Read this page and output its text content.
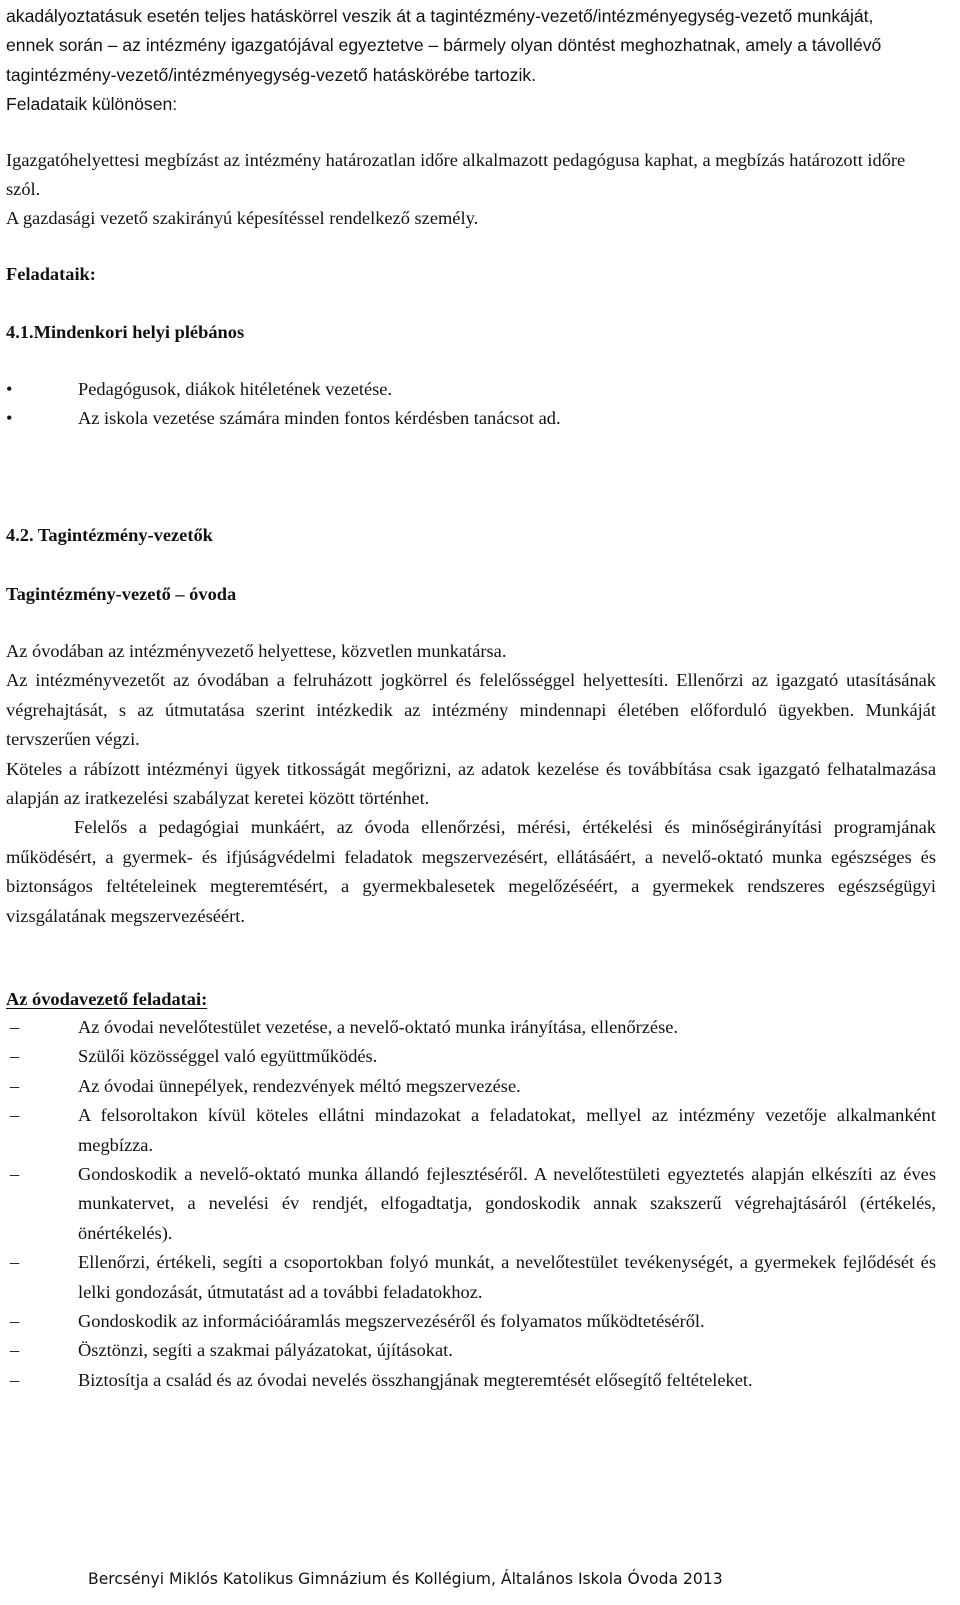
akadályoztatásuk esetén teljes hatáskörrel veszik át a tagintézmény-vezető/intézményegység-vezető munkáját, ennek során – az intézmény igazgatójával egyeztetve – bármely olyan döntést meghozhatnak, amely a távollévő tagintézmény-vezető/intézményegység-vezető hatáskörébe tartozik.

Feladataik különösen:

Igazgatóhelyettesi megbízást az intézmény határozatlan időre alkalmazott pedagógusa kaphat, a megbízás határozott időre szól.

A gazdasági vezető szakirányú képesítéssel rendelkező személy.

Feladataik:

4.1.Mindenkori helyi plébános

•	Pedagógusok, diákok hitéletének vezetése.
•	Az iskola vezetése számára minden fontos kérdésben tanácsot ad.

4.2. Tagintézmény-vezetők

Tagintézmény-vezető – óvoda

Az óvodában az intézményvezető helyettese, közvetlen munkatársa.

Az intézményvezetőt az óvodában a felruházott jogkörrel és felelősséggel helyettesíti. Ellenőrzi az igazgató utasításának végrehajtását, s az útmutatása szerint intézkedik az intézmény mindennapi életében előforduló ügyekben. Munkáját tervszerűen végzi.

Köteles a rábízott intézményi ügyek titkosságát megőrizni, az adatok kezelése és továbbítása csak igazgató felhatalmazása alapján az iratkezelési szabályzat keretei között történhet.

Felelős a pedagógiai munkáért, az óvoda ellenőrzési, mérési, értékelési és minőségirányítási programjának működésért, a gyermek- és ifjúságvédelmi feladatok megszervezésért, ellátásáért, a nevelő-oktató munka egészséges és biztonságos feltételeinek megteremtésért, a gyermekbalesetek megelőzéséért, a gyermekek rendszeres egészségügyi vizsgálatának megszervezéséért.

Az óvodavezető feladatai:

–	Az óvodai nevelőtestület vezetése, a nevelő-oktató munka irányítása, ellenőrzése.
–	Szülői közösséggel való együttműködés.
–	Az óvodai ünnepélyek, rendezvények méltó megszervezése.
–	A felsoroltakon kívül köteles ellátni mindazokat a feladatokat, mellyel az intézmény vezetője alkalmanként megbízza.
–	Gondoskodik a nevelő-oktató munka állandó fejlesztéséről. A nevelőtestületi egyeztetés alapján elkészíti az éves munkatervet, a nevelési év rendjét, elfogadtatja, gondoskodik annak szakszerű végrehajtásáról (értékelés, önértékelés).
–	Ellenőrzi, értékeli, segíti a csoportokban folyó munkát, a nevelőtestület tevékenységét, a gyermekek fejlődését és lelki gondozását, útmutatást ad a további feladatokhoz.
–	Gondoskodik az információáramlás megszervezéséről és folyamatos működtetéséről.
–	Ösztönzi, segíti a szakmai pályázatokat, újításokat.
–	Biztosítja a család és az óvodai nevelés összhangjának megteremtését elősegítő feltételeket.
Bercsényi Miklós Katolikus Gimnázium és Kollégium, Általános Iskola Óvoda 2013
